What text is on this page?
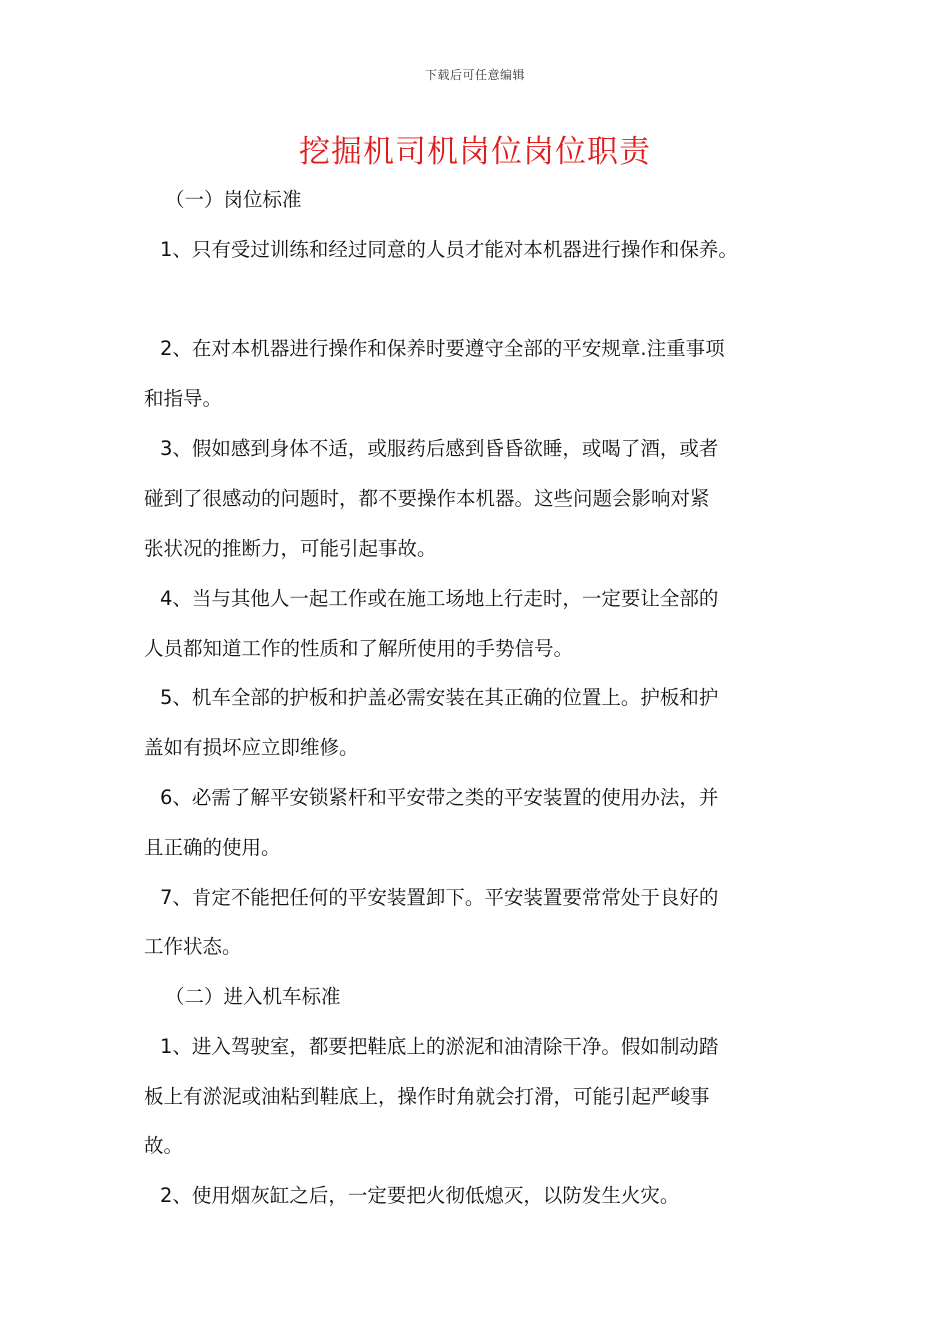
下载后可任意编辑
挖掘机司机岗位岗位职责
（一）岗位标准
1、只有受过训练和经过同意的人员才能对本机器进行操作和保养。
2、在对本机器进行操作和保养时要遵守全部的平安规章.注重事项
和指导。
3、假如感到身体不适，或服药后感到昏昏欲睡，或喝了酒，或者
碰到了很感动的问题时，都不要操作本机器。这些问题会影响对紧
张状况的推断力，可能引起事故。
4、当与其他人一起工作或在施工场地上行走时，一定要让全部的
人员都知道工作的性质和了解所使用的手势信号。
5、机车全部的护板和护盖必需安装在其正确的位置上。护板和护
盖如有损坏应立即维修。
6、必需了解平安锁紧杆和平安带之类的平安装置的使用办法，并
且正确的使用。
7、肯定不能把任何的平安装置卸下。平安装置要常常处于良好的
工作状态。
（二）进入机车标准
1、进入驾驶室，都要把鞋底上的淤泥和油清除干净。假如制动踏
板上有淤泥或油粘到鞋底上，操作时角就会打滑，可能引起严峻事
故。
2、使用烟灰缸之后，一定要把火彻低熄灭，以防发生火灾。
